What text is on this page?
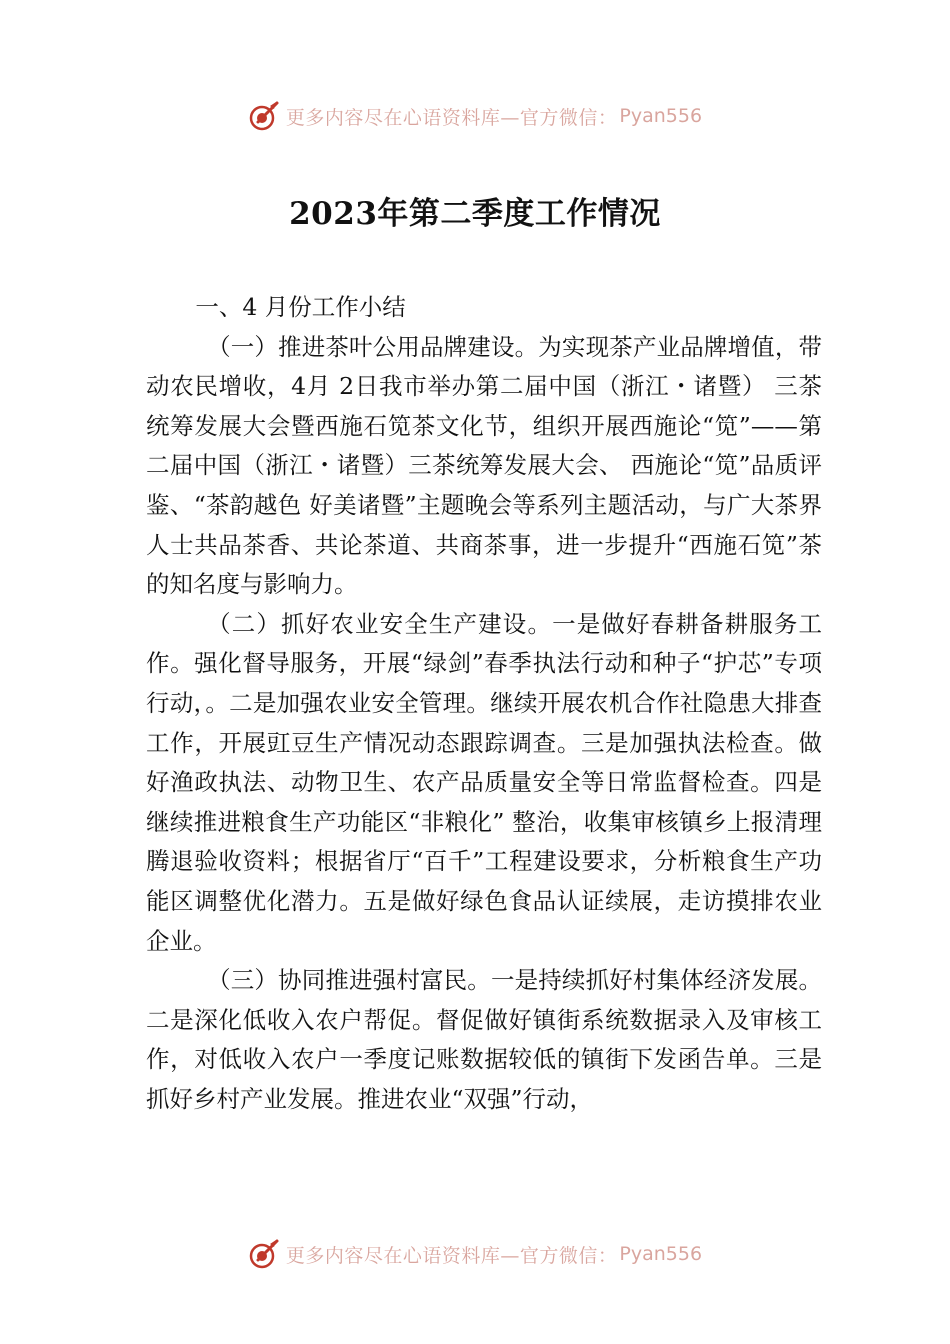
更多内容尽在心语资料库—官方微信： Pyan556
2023年第二季度工作情况

一、4 月份工作小结

（一）推进茶叶公用品牌建设。为实现茶产业品牌增值，带动农民增收，4月 2日我市举办第二届中国（浙江・诸暨） 三茶统筹发展大会暨西施石笕茶文化节，组织开展西施论“笕”——第二届中国（浙江・诸暨）三茶统筹发展大会、 西施论“笕”品质评鉴、“茶韵越色 好美诸暨”主题晚会等系列主题活动，与广大茶界人士共品茶香、共论茶道、共商茶事，进一步提升“西施石笕”茶的知名度与影响力。

（二）抓好农业安全生产建设。一是做好春耕备耕服务工作。强化督导服务，开展“绿剑”春季执法行动和种子“护芯”专项行动，。二是加强农业安全管理。继续开展农机合作社隐患大排查工作，开展豇豆生产情况动态跟踪调查。三是加强执法检查。做好渔政执法、动物卫生、农产品质量安全等日常监督检查。四是继续推进粮食生产功能区“非粮化” 整治，收集审核镇乡上报清理腾退验收资料；根据省厅“百千”工程建设要求，分析粮食生产功能区调整优化潜力。五是做好绿色食品认证续展，走访摸排农业企业。

（三）协同推进强村富民。一是持续抓好村集体经济发展。二是深化低收入农户帮促。督促做好镇街系统数据录入及审核工作，对低收入农户一季度记账数据较低的镇街下发函告单。三是抓好乡村产业发展。推进农业“双强”行动，

更多内容尽在心语资料库—官方微信： Pyan556
